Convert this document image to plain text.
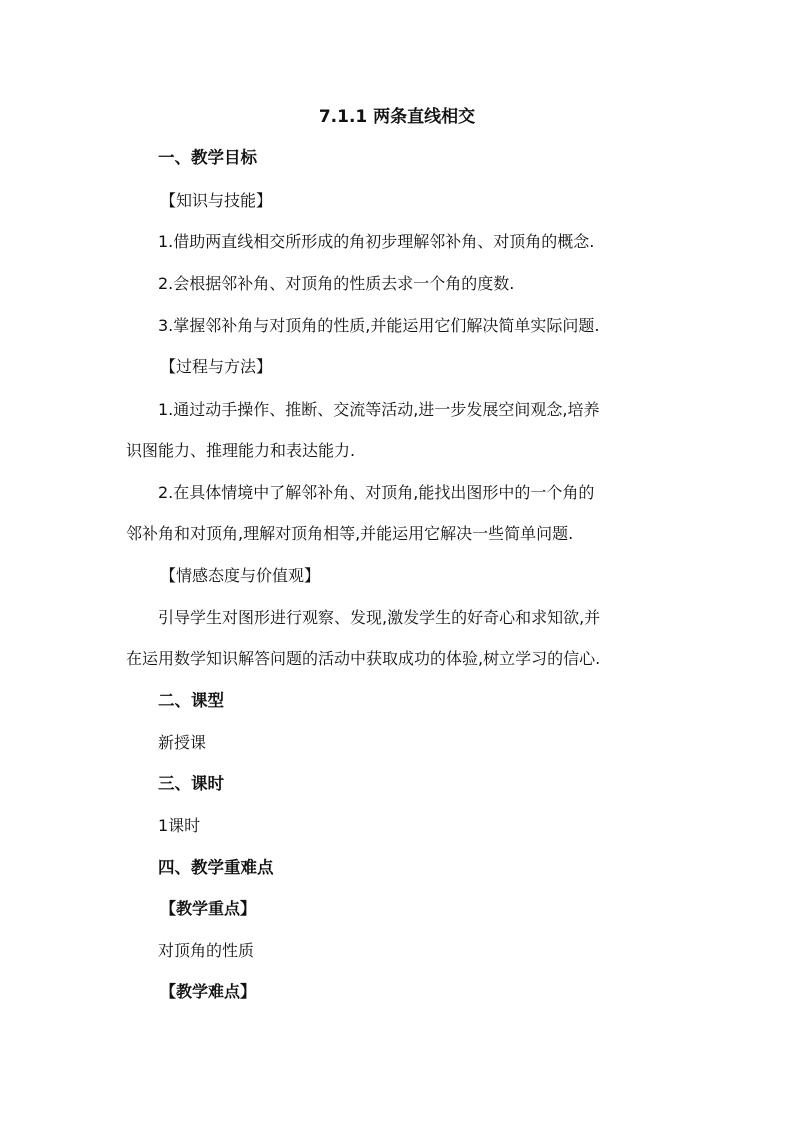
7.1.1 两条直线相交
一、教学目标
【知识与技能】
1.借助两直线相交所形成的角初步理解邻补角、对顶角的概念.
2.会根据邻补角、对顶角的性质去求一个角的度数.
3.掌握邻补角与对顶角的性质,并能运用它们解决简单实际问题.
【过程与方法】
1.通过动手操作、推断、交流等活动,进一步发展空间观念,培养
识图能力、推理能力和表达能力.
2.在具体情境中了解邻补角、对顶角,能找出图形中的一个角的
邻补角和对顶角,理解对顶角相等,并能运用它解决一些简单问题.
【情感态度与价值观】
引导学生对图形进行观察、发现,激发学生的好奇心和求知欲,并
在运用数学知识解答问题的活动中获取成功的体验,树立学习的信心.
二、课型
新授课
三、课时
1课时
四、教学重难点
【教学重点】
对顶角的性质
【教学难点】
